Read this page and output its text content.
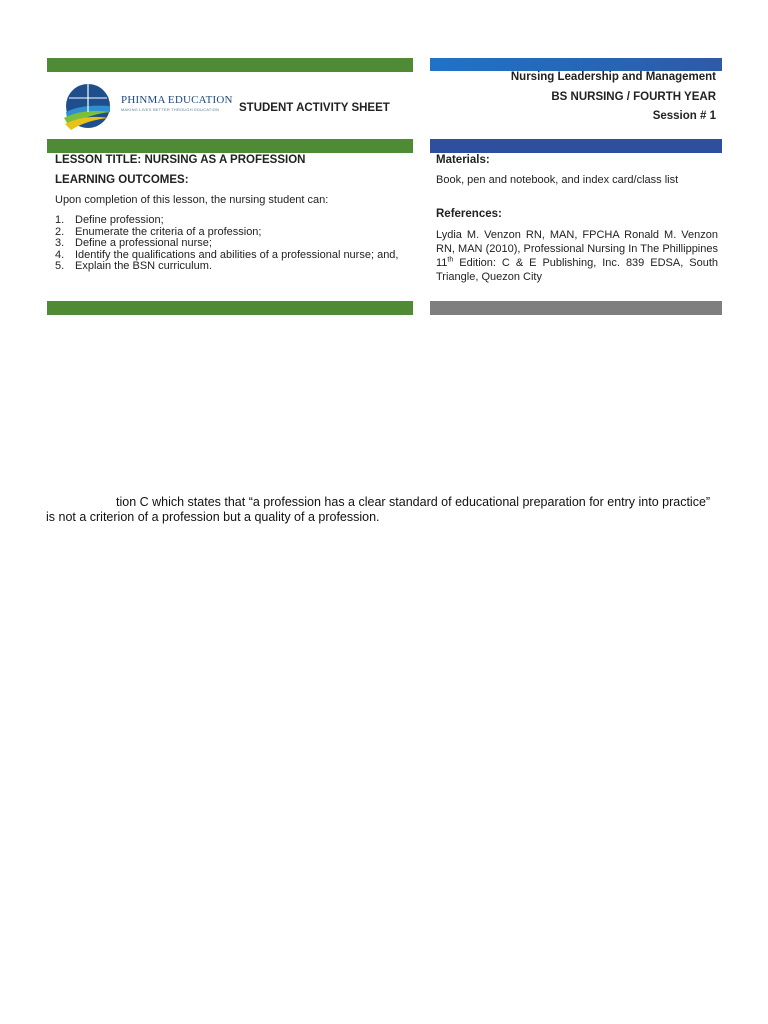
PHINMA EDUCATION
MAKING LIVES BETTER THROUGH EDUCATION	STUDENT ACTIVITY SHEET
LESSON TITLE: NURSING AS A PROFESSION
LEARNING OUTCOMES:
Upon completion of this lesson, the nursing student can:
1. Define profession;
2. Enumerate the criteria of a profession;
3. Define a professional nurse;
4. Identify the qualifications and abilities of a professional nurse; and,
5. Explain the BSN curriculum.
Nursing Leadership and Management
BS NURSING / FOURTH YEAR
Session # 1
Materials:
Book, pen and notebook, and index card/class list
References:
Lydia M. Venzon RN, MAN, FPCHA Ronald M. Venzon RN, MAN (2010), Professional Nursing In The Phillippines 11th Edition: C & E Publishing, Inc. 839 EDSA, South Triangle, Quezon City

tion C which states that “a profession has a clear standard of educational preparation for entry into practice” is not a criterion of a profession but a quality of a profession.
